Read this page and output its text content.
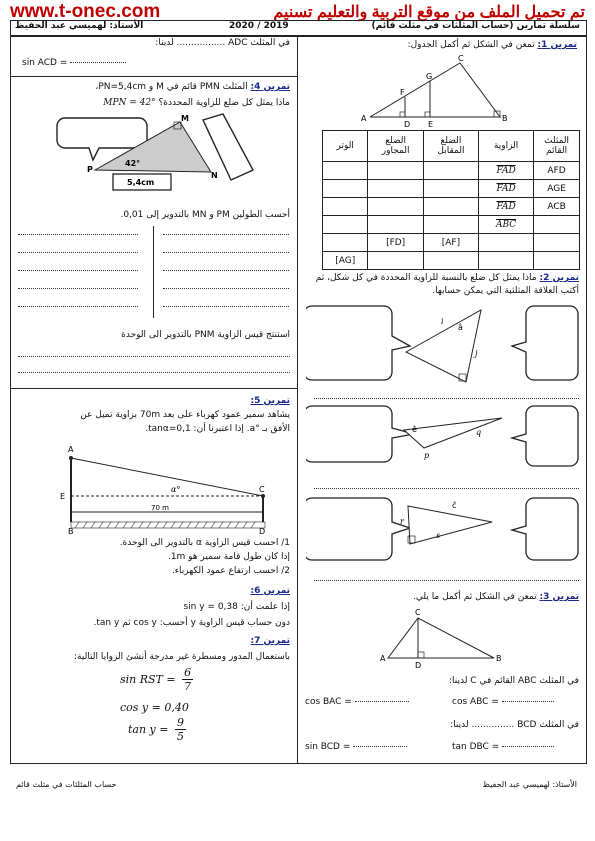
www.t-onec.com	تم تحميل الملف من موقع التربية والتعليم تسنيم
الأستاذ: لهميسي عبد الحفيظ	2020 / 2019	سلسلة تمارين (حساب المثلثات في مثلث قائم)
تمرين 1: تمعن في الشكل ثم أكمل الجدول:
C
G
F
A
D E
B
الوتر	الضلع المجاور	الضلع المقابل	الزاوية	المثلث القائم
			$\overline{FAD}$	AFD
			$\overline{FAD}$	AGE
			$\overline{FAD}$	ACB
			$\overline{ABC}$	
	[FD]	[AF]		
[AG]				
تمرين 2: ماذا يمثل كل ضلع بالنسبة للزاوية المحددة في كل شكل، ثم أكتب العلاقة المثلثية التي يمكن حسابها.
i
j
â
ê	q
p
r
ĉ
s
تمرين 3: تمعن في الشكل ثم أكمل ما يلي.
C
A
D
B
في المثلث ABC القائم في C لدينا:
cos ABC =
cos BAC =
في المثلث BCD ............... لدينا:
tan DBC =
sin BCD =
في المثلث ADC ................. لدينا:
sin ACD =
تمرين 4: المثلث PMN قائم في M و PN=5,4cm،
ماذا يمثل كل ضلع للزاوية المحددة؟ MPN = 42°
M
P
N
42°
5,4cm
أحسب الطولين PM و MN بالتدوير إلى 0,01.
استنتج قيس الزاوية PNM بالتدوير الى الوحدة
تمرين 5:
يشاهد سمير عمود كهرباء على بعد 70m بزاوية تميل عن
الأفق بـ °a. إذا اعتبرنا أن: tanα=0,1.
A
E
B
C
D
α°
70 m
1/ احسب قيس الزاوية α بالتدوير الى الوحدة.
إذا كان طول قامة سمير هو 1m.
2/ احسب ارتفاع عمود الكهرباء.
تمرين 6:
إذا علمت أن: sin y = 0,38
دون حساب قيس الزاوية y أحسب: cos y ثم tan y.
تمرين 7:
باستعمال المدور ومسطرة غير مدرجة أنشئ الزوايا التالية:
sin RST = $\frac{6}{7}$
cos y = 0,40
$\tan y = \frac{9}{5}$
حساب المثلثات في مثلث قائم	الأستاذ: لهميسي عبد الحفيظ
